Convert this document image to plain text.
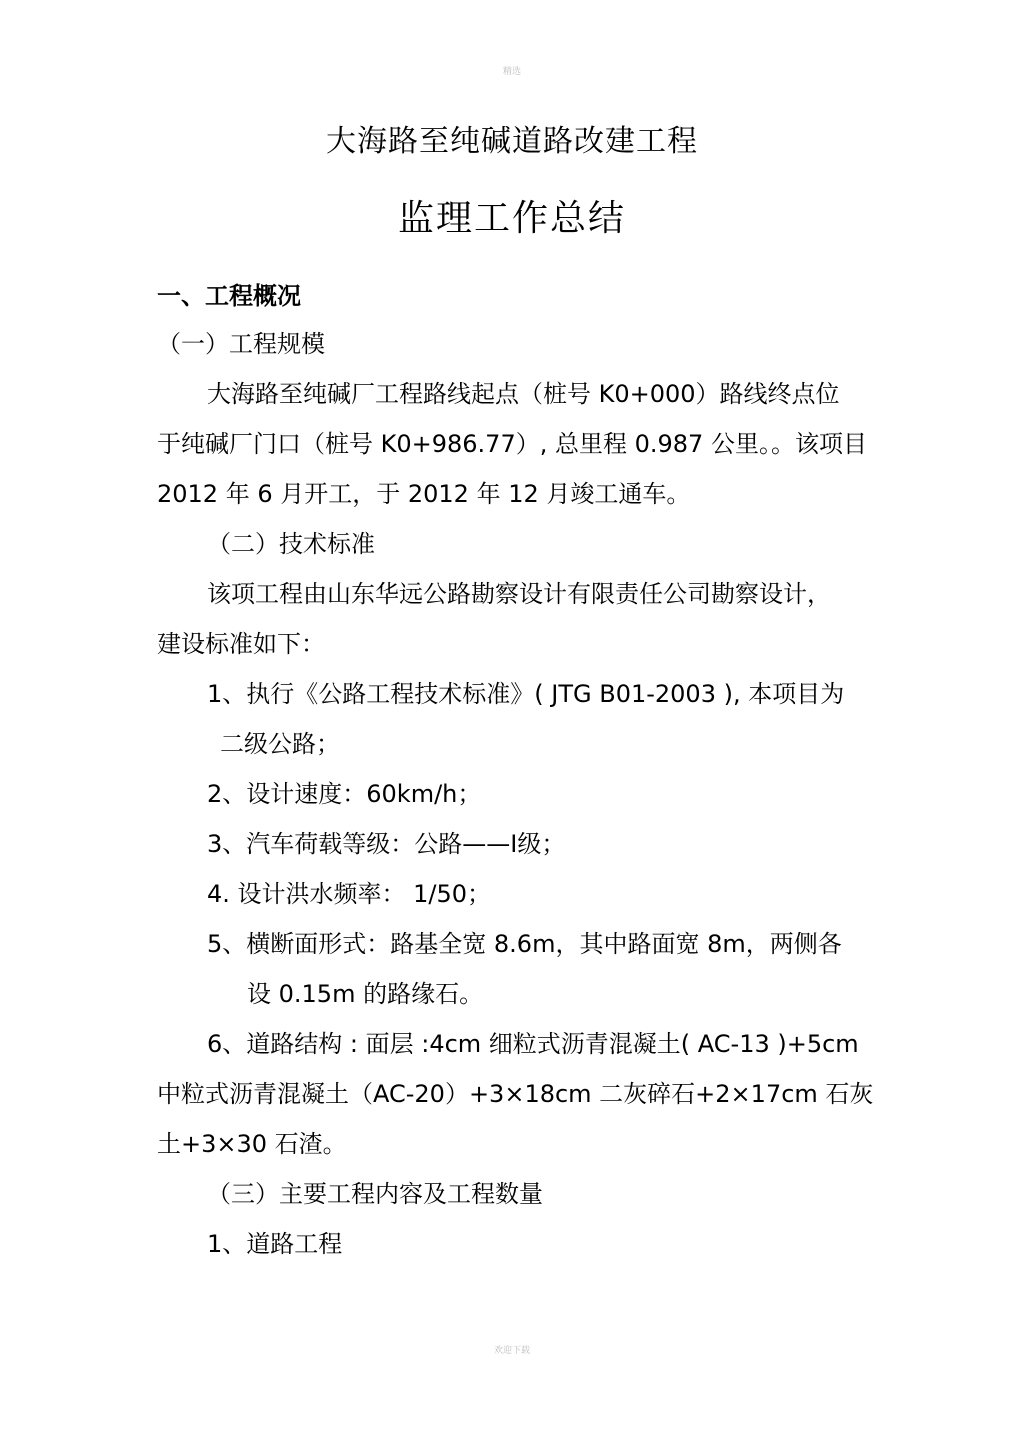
精选
大海路至纯碱道路改建工程
监理工作总结
一、工程概况
（一）工程规模
大海路至纯碱厂工程路线起点（桩号 K0+000）路线终点位
于纯碱厂门口（桩号 K0+986.77）, 总里程 0.987 公里。。该项目
2012 年 6 月开工，于 2012 年 12 月竣工通车。
（二）技术标准
该项工程由山东华远公路勘察设计有限责任公司勘察设计，
建设标准如下：
1、执行《公路工程技术标准》( JTG B01-2003 ), 本项目为
二级公路；
2、设计速度：60km/h；
3、汽车荷载等级：公路——I级；
4. 设计洪水频率： 1/50；
5、横断面形式：路基全宽 8.6m，其中路面宽 8m，两侧各
设 0.15m 的路缘石。
6、道路结构 : 面层 :4cm 细粒式沥青混凝土( AC-13 )+5cm
中粒式沥青混凝土（AC-20）+3×18cm 二灰碎石+2×17cm 石灰
土+3×30 石渣。
（三）主要工程内容及工程数量
1、道路工程
欢迎下载
